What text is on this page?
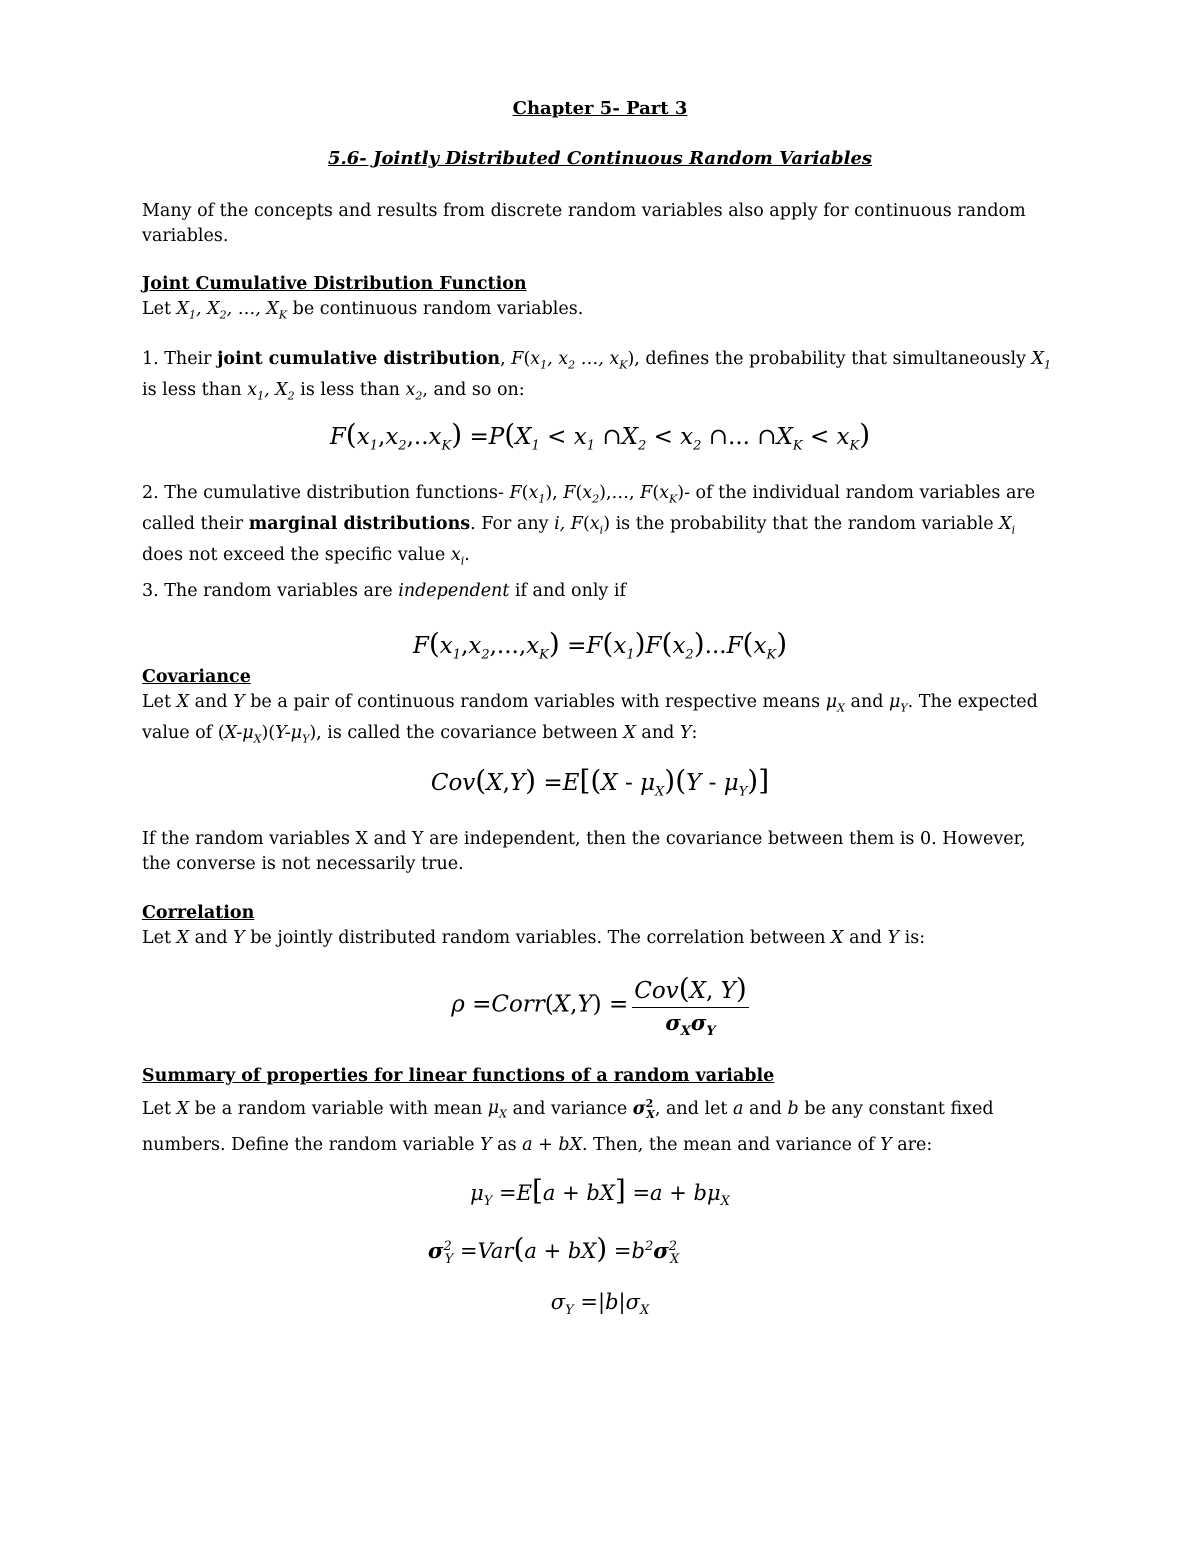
Chapter 5- Part 3

5.6- Jointly Distributed Continuous Random Variables

Many of the concepts and results from discrete random variables also apply for continuous random variables.

Joint Cumulative Distribution Function
Let $X_1$, $X_2$, …, $X_K$ be continuous random variables.
1. Their joint cumulative distribution, $F(x_1$, $x_2$ …, $x_K$), defines the probability that simultaneously $X_1$ is less than $x_1$, $X_2$ is less than $x_2$, and so on:
$F(x_1,x_2,..x_K) =P(X_1 < x_1$ $\cap X_2 < x_2$ ∩... $\cap X_K < x_K$)
2. The cumulative distribution functions- $F(x_1)$, $F(x_2),\dots$, $F(x_K)-$ of the individual random variables are called their marginal distributions. For any i, $F(x_i)$ is the probability that the random variable $X_i$ does not exceed the specific value $x_i$.
3. The random variables are independent if and only if
$F(x_1,x_2,...,x_K) =F(x_1)F(x_2)...F(x_K)$
Covariance
Let X and Y be a pair of continuous random variables with respective means $\mu_X$ and $\mu_Y$. The expected value of $(X-\mu_X)(Y-\mu_Y)$, is called the covariance between X and Y:
$Cov(X,Y) =E[(X - \mu_X)(Y - \mu_Y)]$

If the random variables X and Y are independent, then the covariance between them is 0. However, the converse is not necessarily true.

Correlation
Let X and Y be jointly distributed random variables. The correlation between X and Y is:
ρ =Corr(X,Y) = $\frac{\text{Cov(X, Y)}}{\sigma_X\sigma_Y}$
Summary of properties for linear functions of a random variable
Let X be a random variable with mean $\mu_X$ and variance $\sigma^2_X$, and let a and b be any constant fixed numbers. Define the random variable Y as a + bX. Then, the mean and variance of Y are:
$\mu_Y =E[a + bX] =a + b\mu_X$
$\sigma^2_Y =Var(a + bX) =b^2\sigma^2_X$
$\sigma_Y =|b|\sigma_X$
